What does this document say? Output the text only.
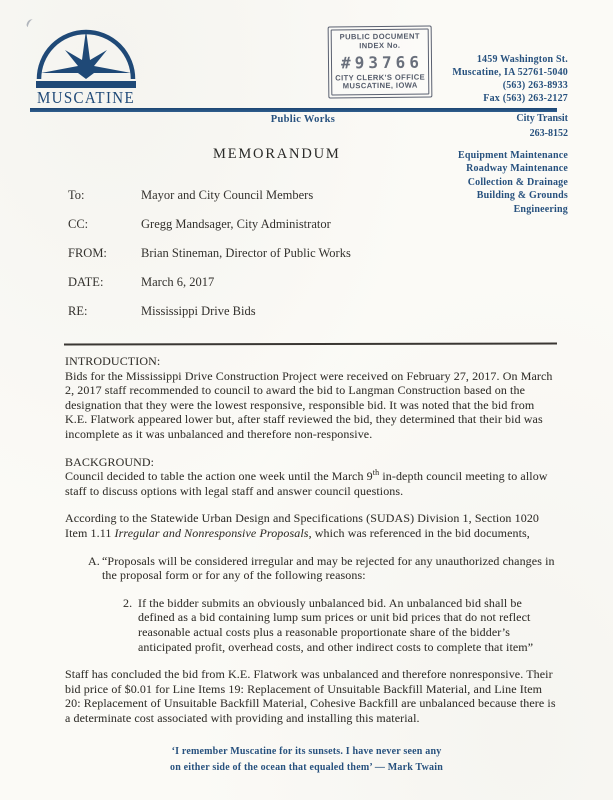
MUSCATINE
PUBLIC DOCUMENT
INDEX No.
#93766
CITY CLERK'S OFFICE
MUSCATINE, IOWA
1459 Washington St.
Muscatine, IA 52761-5040
(563) 263-8933
Fax (563) 263-2127
Public Works	City Transit
263-8152
Equipment Maintenance
Roadway Maintenance
Collection & Drainage
Building & Grounds
Engineering
MEMORANDUM
To:	Mayor and City Council Members
CC:	Gregg Mandsager, City Administrator
FROM:	Brian Stineman, Director of Public Works
DATE:	March 6, 2017
RE:	Mississippi Drive Bids

INTRODUCTION:
Bids for the Mississippi Drive Construction Project were received on February 27, 2017. On March 2, 2017 staff recommended to council to award the bid to Langman Construction based on the designation that they were the lowest responsive, responsible bid. It was noted that the bid from K.E. Flatwork appeared lower but, after staff reviewed the bid, they determined that their bid was incomplete as it was unbalanced and therefore non-responsive.

BACKGROUND:
Council decided to table the action one week until the March 9th in-depth council meeting to allow staff to discuss options with legal staff and answer council questions.

According to the Statewide Urban Design and Specifications (SUDAS) Division 1, Section 1020 Item 1.11 Irregular and Nonresponsive Proposals, which was referenced in the bid documents,

A. “Proposals will be considered irregular and may be rejected for any unauthorized changes in the proposal form or for any of the following reasons:
2. If the bidder submits an obviously unbalanced bid. An unbalanced bid shall be defined as a bid containing lump sum prices or unit bid prices that do not reflect reasonable actual costs plus a reasonable proportionate share of the bidder’s anticipated profit, overhead costs, and other indirect costs to complete that item”

Staff has concluded the bid from K.E. Flatwork was unbalanced and therefore nonresponsive. Their bid price of $0.01 for Line Items 19: Replacement of Unsuitable Backfill Material, and Line Item 20: Replacement of Unsuitable Backfill Material, Cohesive Backfill are unbalanced because there is a determinate cost associated with providing and installing this material.

‘I remember Muscatine for its sunsets. I have never seen any
on either side of the ocean that equaled them’ — Mark Twain
